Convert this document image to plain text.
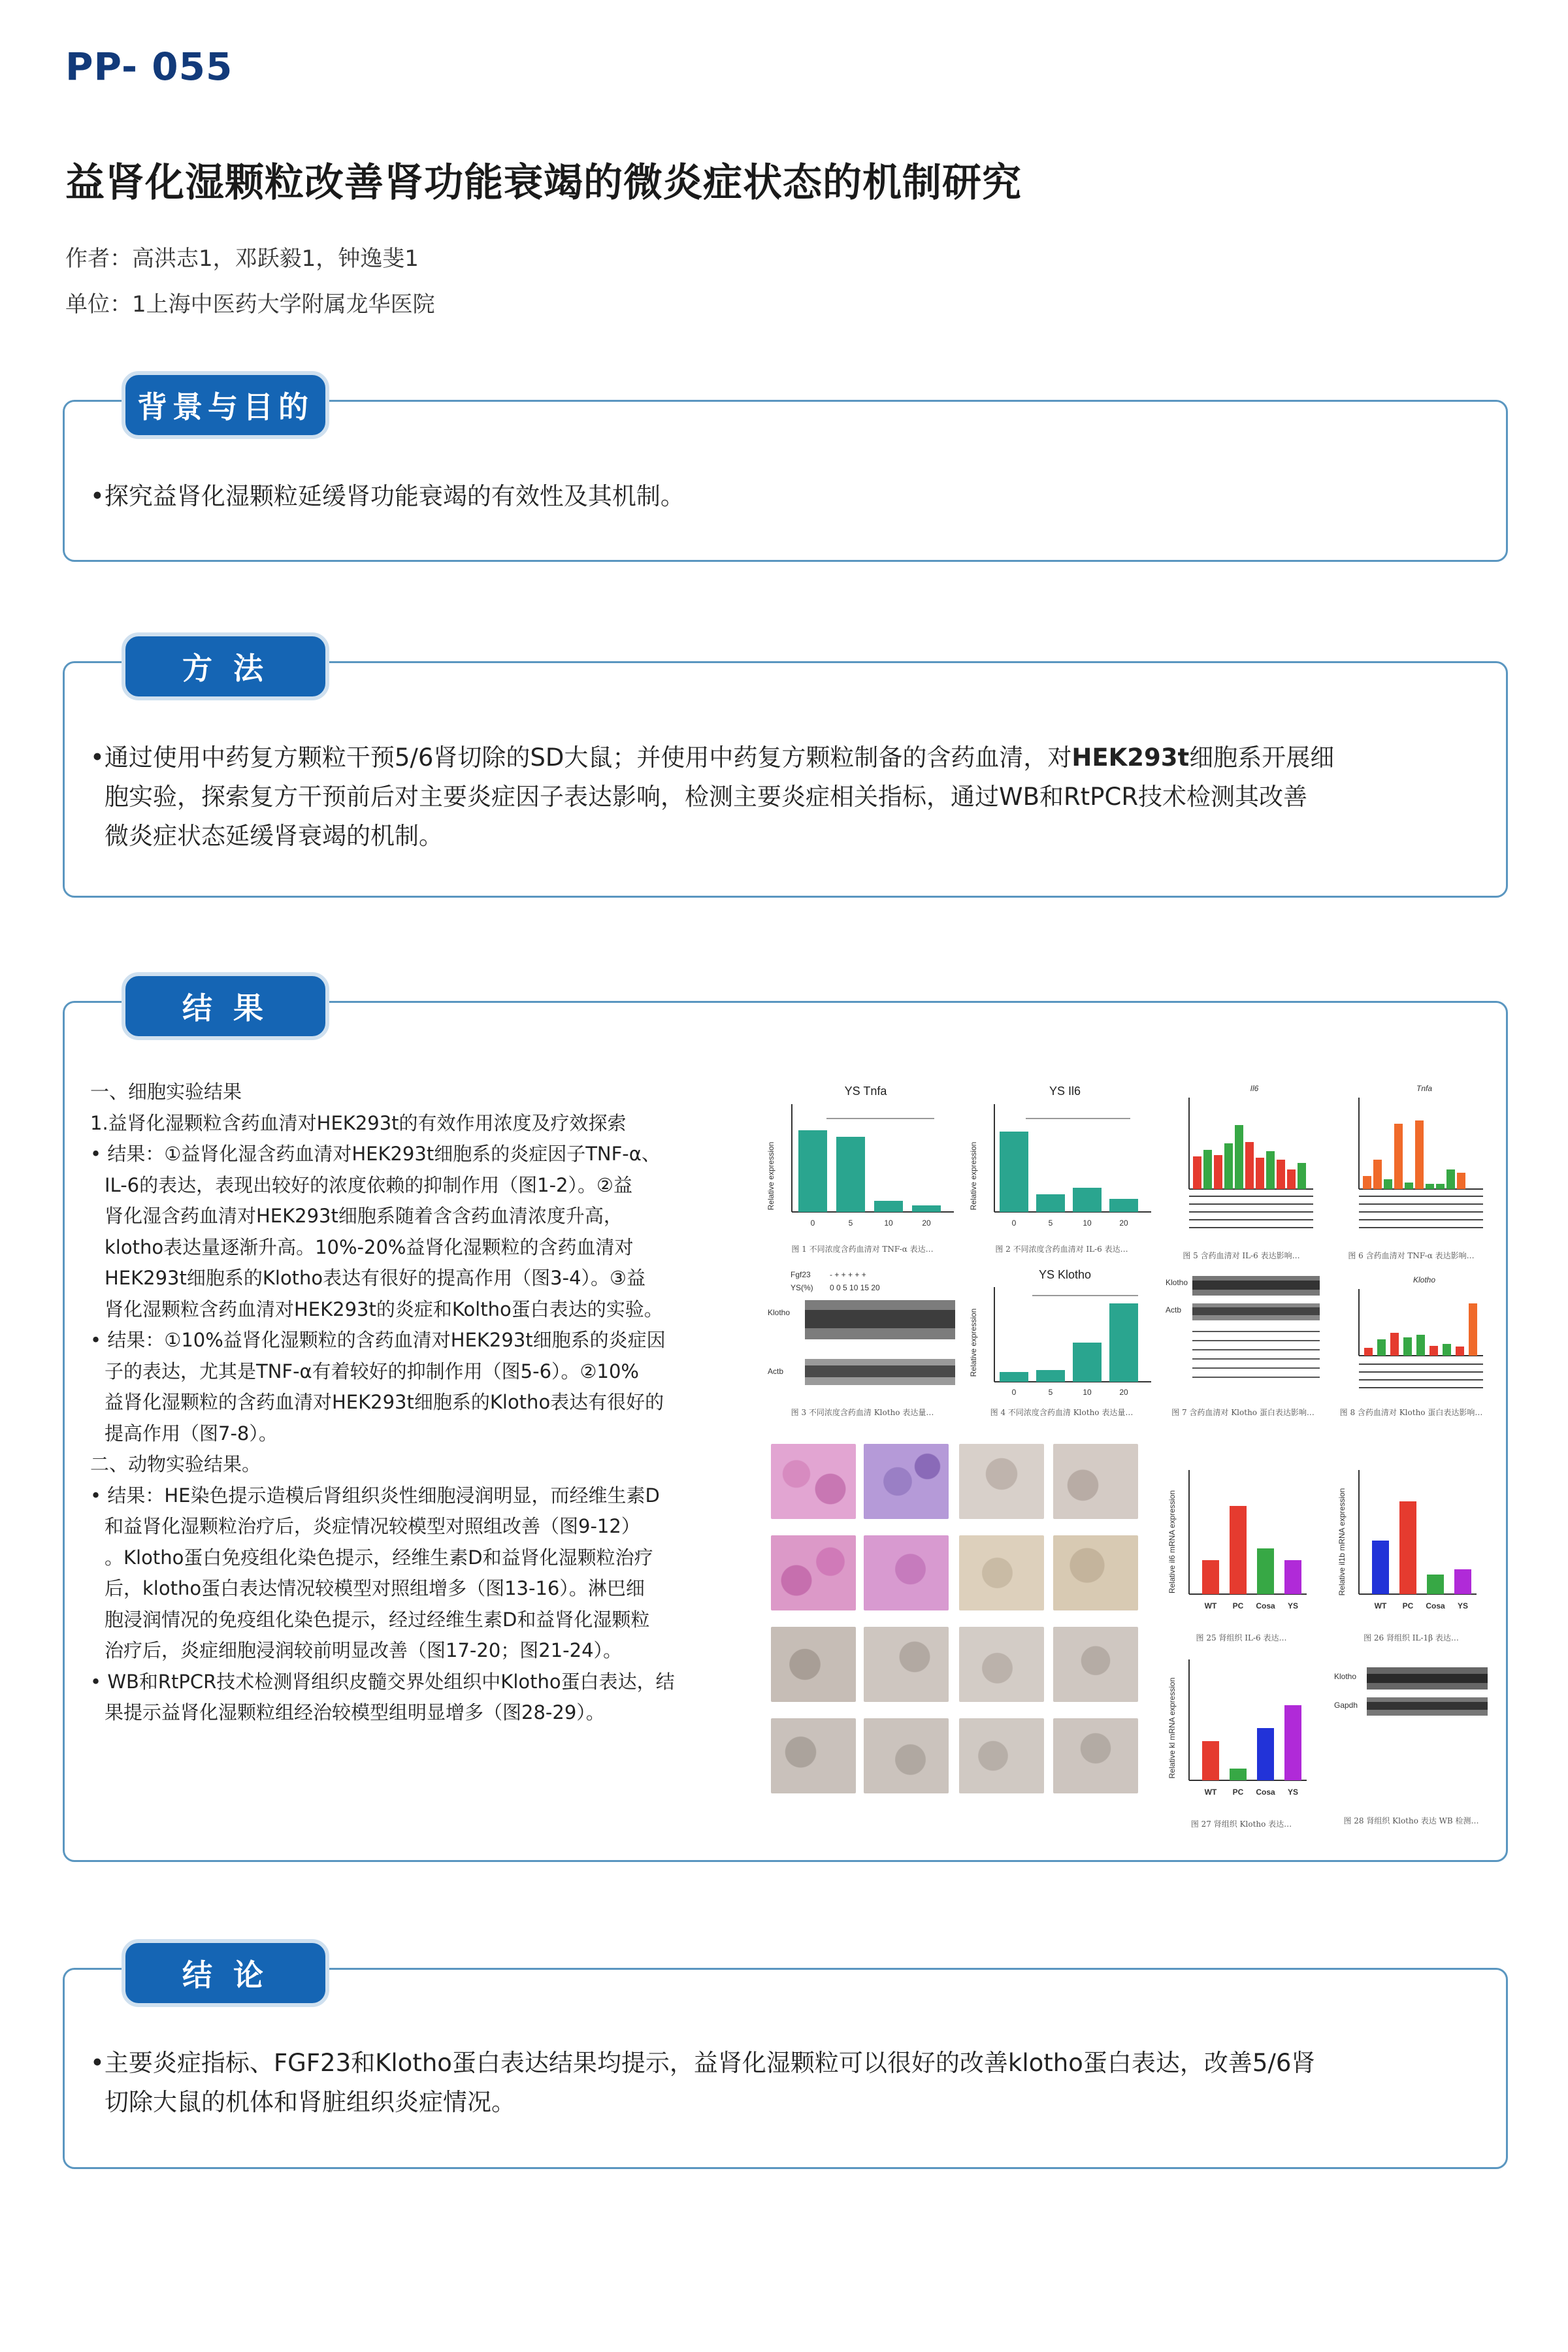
PP- 055
益肾化湿颗粒改善肾功能衰竭的微炎症状态的机制研究
作者：高洪志1，邓跃毅1，钟逸斐1
单位：1上海中医药大学附属龙华医院
背景与目的
•探究益肾化湿颗粒延缓肾功能衰竭的有效性及其机制。
方 法
•通过使用中药复方颗粒干预5/6肾切除的SD大鼠；并使用中药复方颗粒制备的含药血清，对HEK293t细胞系开展细
胞实验，探索复方干预前后对主要炎症因子表达影响，检测主要炎症相关指标，通过WB和RtPCR技术检测其改善
微炎症状态延缓肾衰竭的机制。
结 果

一、细胞实验结果

1.益肾化湿颗粒含药血清对HEK293t的有效作用浓度及疗效探索

• 结果：①益肾化湿含药血清对HEK293t细胞系的炎症因子TNF-α、

IL-6的表达，表现出较好的浓度依赖的抑制作用（图1-2）。②益

肾化湿含药血清对HEK293t细胞系随着含含药血清浓度升高，

klotho表达量逐渐升高。10%-20%益肾化湿颗粒的含药血清对

HEK293t细胞系的Klotho表达有很好的提高作用（图3-4）。③益

肾化湿颗粒含药血清对HEK293t的炎症和Koltho蛋白表达的实验。

• 结果：①10%益肾化湿颗粒的含药血清对HEK293t细胞系的炎症因

子的表达，尤其是TNF-α有着较好的抑制作用（图5-6）。②10%

益肾化湿颗粒的含药血清对HEK293t细胞系的Klotho表达有很好的

提高作用（图7-8）。

二、动物实验结果。

• 结果：HE染色提示造模后肾组织炎性细胞浸润明显，而经维生素D

和益肾化湿颗粒治疗后，炎症情况较模型对照组改善（图9-12）

。Klotho蛋白免疫组化染色提示，经维生素D和益肾化湿颗粒治疗

后，klotho蛋白表达情况较模型对照组增多（图13-16）。淋巴细

胞浸润情况的免疫组化染色提示，经过经维生素D和益肾化湿颗粒

治疗后，炎症细胞浸润较前明显改善（图17-20；图21-24）。

• WB和RtPCR技术检测肾组织皮髓交界处组织中Klotho蛋白表达，结

果提示益肾化湿颗粒组经治较模型组明显增多（图28-29）。

YS Tnfa
Relative expression
0	5	10	20
图 1 不同浓度含药血清对 TNF-α 表达…
YS Il6
Relative expression
0	5	10	20
图 2 不同浓度含药血清对 IL-6 表达…
Fgf23 - + + + + +
YS(%) 0 0 5 10 15 20
Klotho
Actb
图 3 不同浓度含药血清 Klotho 表达量…
YS Klotho
Relative expression
0	5	10	20
图 4 不同浓度含药血清 Klotho 表达量…
Il6
图 5 含药血清对 IL-6 表达影响…
Tnfa
图 6 含药血清对 TNF-α 表达影响…
Klotho
Actb
图 7 含药血清对 Klotho 蛋白表达影响…
Klotho
图 8 含药血清对 Klotho 蛋白表达影响…
Relative il6 mRNA expression
WT PC Cosa YS
图 25 肾组织 IL-6 表达…
Relative il1b mRNA expression
WT PC Cosa YS
图 26 肾组织 IL-1β 表达…
Relative kl mRNA expression
WT PC Cosa YS
图 27 肾组织 Klotho 表达…
Klotho
Gapdh
图 28 肾组织 Klotho 表达 WB 检测…
结 论
•主要炎症指标、FGF23和Klotho蛋白表达结果均提示，益肾化湿颗粒可以很好的改善klotho蛋白表达，改善5/6肾
切除大鼠的机体和肾脏组织炎症情况。
